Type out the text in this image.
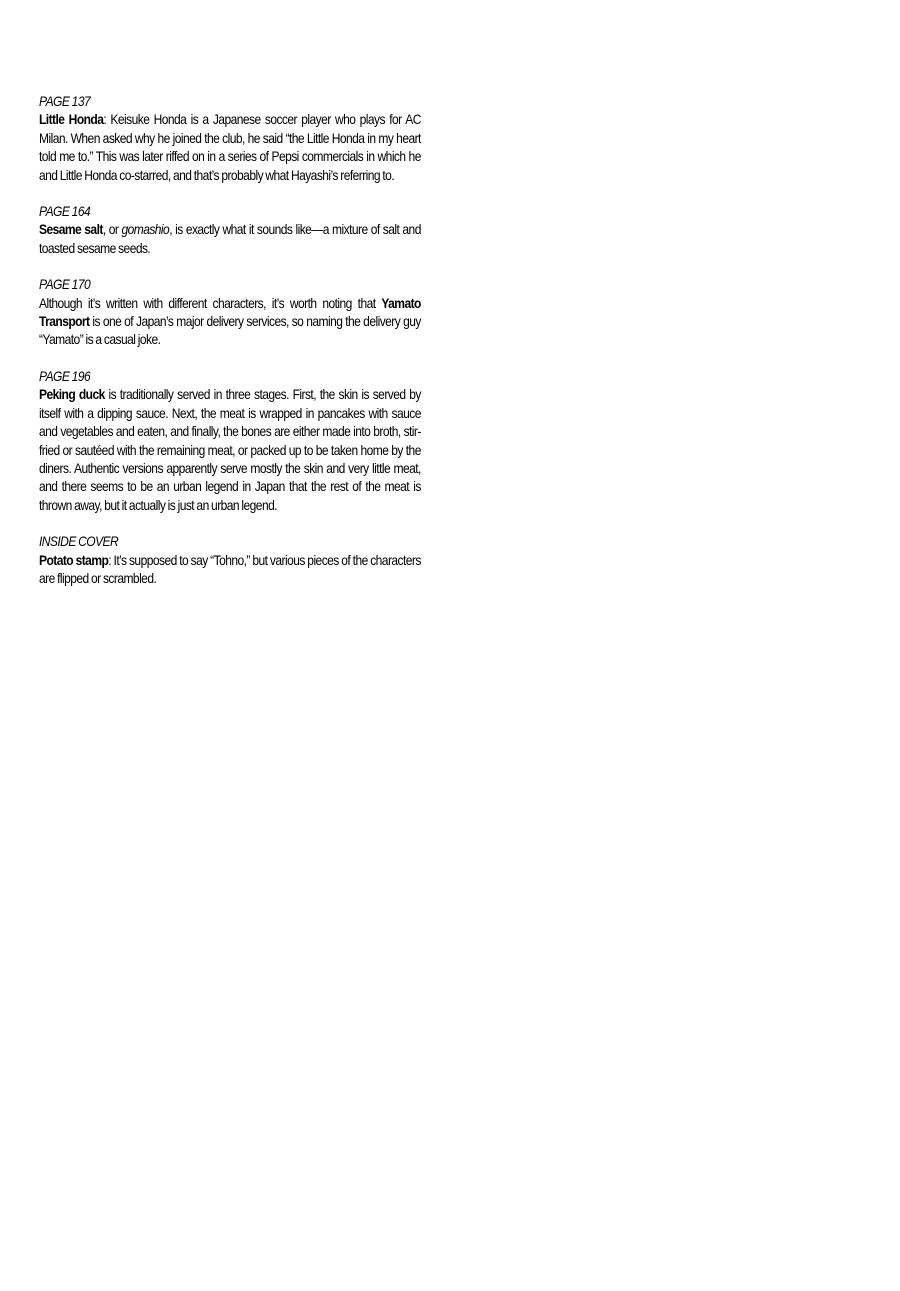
PAGE 137

Little Honda: Keisuke Honda is a Japanese soccer player who plays for AC Milan. When asked why he joined the club, he said “the Little Honda in my heart told me to.” This was later riffed on in a series of Pepsi commercials in which he and Little Honda co-starred, and that’s probably what Hayashi’s referring to.

PAGE 164

Sesame salt, or gomashio, is exactly what it sounds like—a mixture of salt and toasted sesame seeds.

PAGE 170

Although it’s written with different characters, it’s worth noting that Yamato Transport is one of Japan’s major delivery services, so naming the delivery guy “Yamato” is a casual joke.

PAGE 196

Peking duck is traditionally served in three stages. First, the skin is served by itself with a dipping sauce. Next, the meat is wrapped in pancakes with sauce and vegetables and eaten, and finally, the bones are either made into broth, stir-fried or sautéed with the remaining meat, or packed up to be taken home by the diners. Authentic versions apparently serve mostly the skin and very little meat, and there seems to be an urban legend in Japan that the rest of the meat is thrown away, but it actually is just an urban legend.

INSIDE COVER

Potato stamp: It’s supposed to say “Tohno,” but various pieces of the characters are flipped or scrambled.
